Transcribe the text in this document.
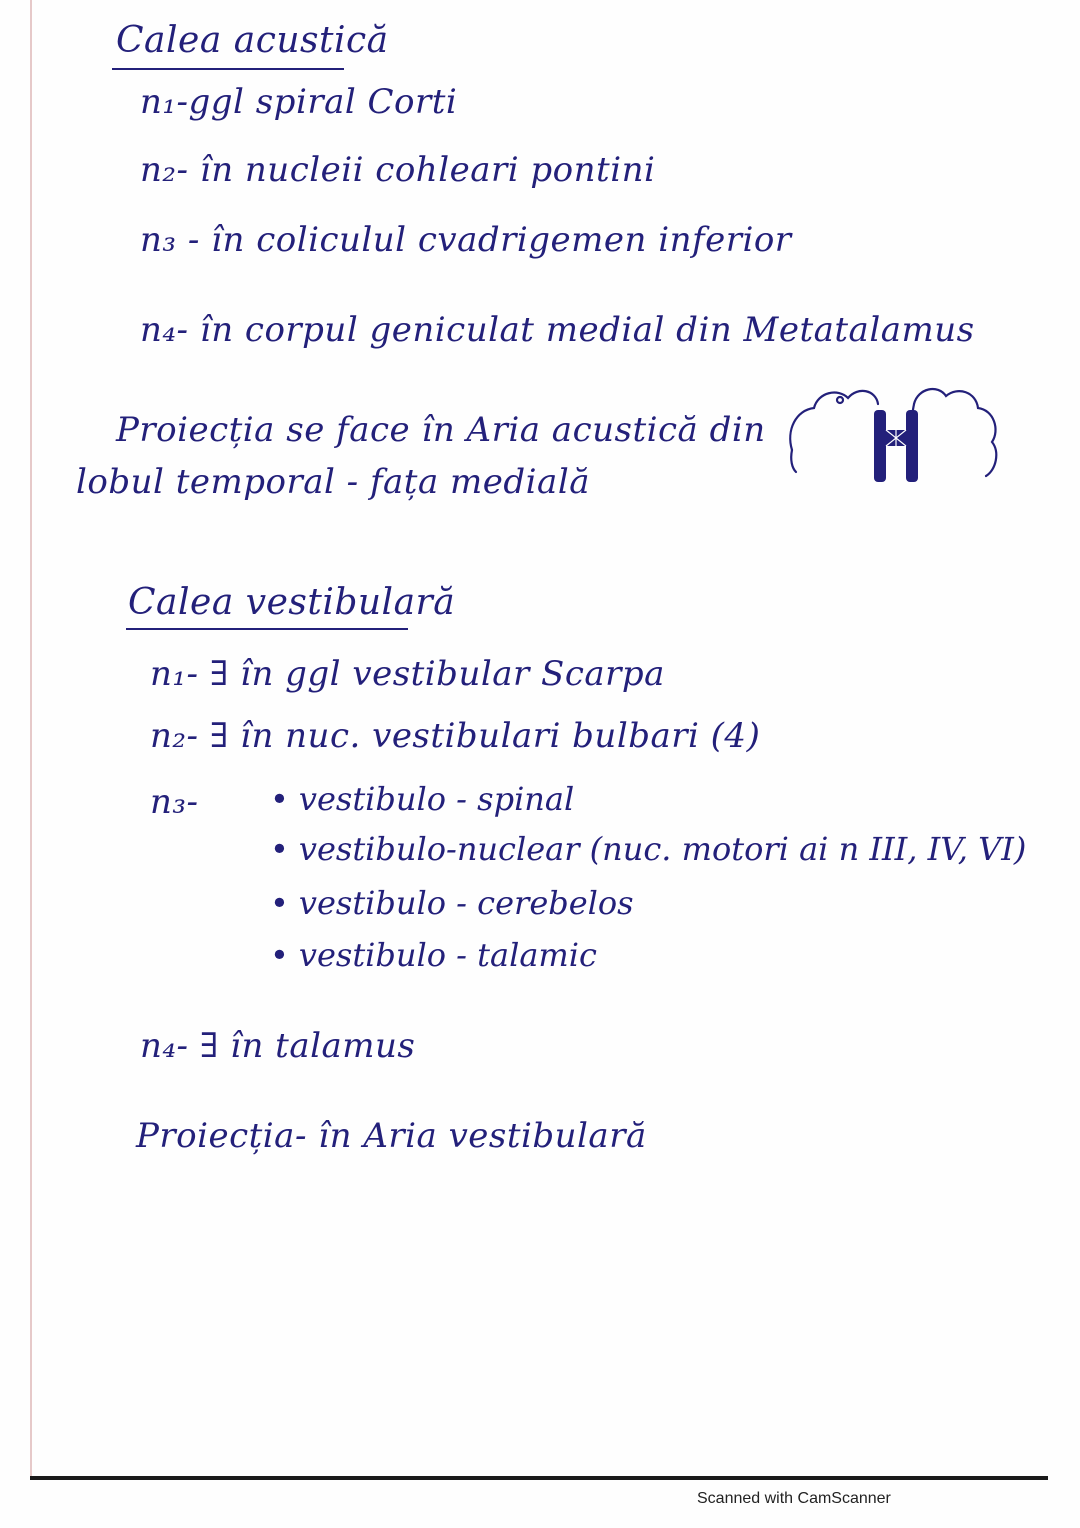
Calea acustică
n₁-ggl spiral Corti
n₂- în nucleii cohleari pontini
n₃ - în coliculul cvadrigemen inferior
n₄- în corpul geniculat medial din Metatalamus
Proiecția se face în Aria acustică din
lobul temporal - fața medială
Calea vestibulară
n₁- ∃ în ggl vestibular Scarpa
n₂- ∃ în nuc. vestibulari bulbari (4)
n₃-
•	vestibulo - spinal
• vestibulo-nuclear (nuc. motori ai n III, IV, VI)
• vestibulo - cerebelos
• vestibulo - talamic
n₄- ∃ în talamus
Proiecția- în Aria vestibulară
Scanned with CamScanner
